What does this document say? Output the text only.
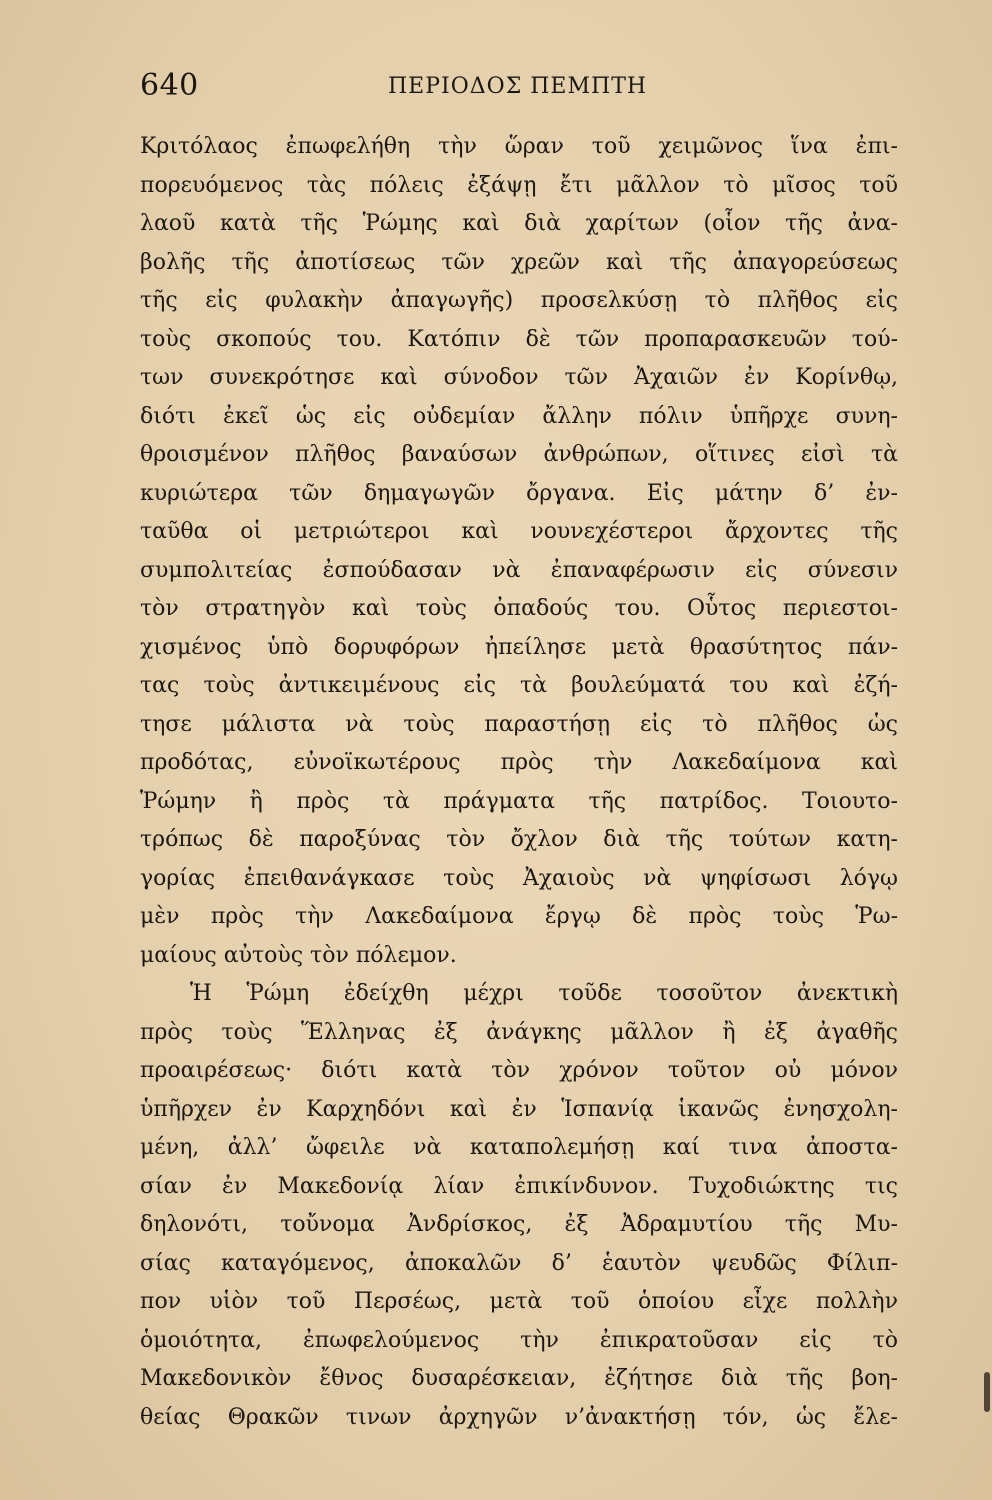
640	ΠΕΡΙΟΔΟΣ ΠΕΜΠΤΗ
Κριτόλαος ἐπωφελήθη τὴν ὥραν τοῦ χειμῶνος ἵνα ἐπι-
πορευόμενος τὰς πόλεις ἐξάψῃ ἔτι μᾶλλον τὸ μῖσος τοῦ
λαοῦ κατὰ τῆς Ῥώμης καὶ διὰ χαρίτων (οἷον τῆς ἀνα-
βολῆς τῆς ἀποτίσεως τῶν χρεῶν καὶ τῆς ἀπαγορεύσεως
τῆς εἰς φυλακὴν ἀπαγωγῆς) προσελκύσῃ τὸ πλῆθος εἰς
τοὺς σκοπούς του. Κατόπιν δὲ τῶν προπαρασκευῶν τού-
των συνεκρότησε καὶ σύνοδον τῶν Ἀχαιῶν ἐν Κορίνθῳ,
διότι ἐκεῖ ὡς εἰς οὐδεμίαν ἄλλην πόλιν ὑπῆρχε συνη-
θροισμένον πλῆθος βαναύσων ἀνθρώπων, οἵτινες εἰσὶ τὰ
κυριώτερα τῶν δημαγωγῶν ὄργανα. Εἰς μάτην δ’ ἐν-
ταῦθα οἱ μετριώτεροι καὶ νουνεχέστεροι ἄρχοντες τῆς
συμπολιτείας ἐσπούδασαν νὰ ἐπαναφέρωσιν εἰς σύνεσιν
τὸν στρατηγὸν καὶ τοὺς ὀπαδούς του. Οὗτος περιεστοι-
χισμένος ὑπὸ δορυφόρων ἠπείλησε μετὰ θρασύτητος πάν-
τας τοὺς ἀντικειμένους εἰς τὰ βουλεύματά του καὶ ἐζή-
τησε μάλιστα νὰ τοὺς παραστήσῃ εἰς τὸ πλῆθος ὡς
προδότας, εὐνοϊκωτέρους πρὸς τὴν Λακεδαίμονα καὶ
Ῥώμην ἢ πρὸς τὰ πράγματα τῆς πατρίδος. Τοιουτο-
τρόπως δὲ παροξύνας τὸν ὄχλον διὰ τῆς τούτων κατη-
γορίας ἐπειθανάγκασε τοὺς Ἀχαιοὺς νὰ ψηφίσωσι λόγῳ
μὲν πρὸς τὴν Λακεδαίμονα ἔργῳ δὲ πρὸς τοὺς Ῥω-
μαίους αὐτοὺς τὸν πόλεμον.
Ἡ Ῥώμη ἐδείχθη μέχρι τοῦδε τοσοῦτον ἀνεκτικὴ
πρὸς τοὺς Ἕλληνας ἐξ ἀνάγκης μᾶλλον ἢ ἐξ ἀγαθῆς
προαιρέσεως· διότι κατὰ τὸν χρόνον τοῦτον οὐ μόνον
ὑπῆρχεν ἐν Καρχηδόνι καὶ ἐν Ἱσπανίᾳ ἱκανῶς ἐνησχολη-
μένη, ἀλλ’ ὤφειλε νὰ καταπολεμήσῃ καί τινα ἀποστα-
σίαν ἐν Μακεδονίᾳ λίαν ἐπικίνδυνον. Τυχοδιώκτης τις
δηλονότι, τοὔνομα Ἀνδρίσκος, ἐξ Ἀδραμυτίου τῆς Μυ-
σίας καταγόμενος, ἀποκαλῶν δ’ ἑαυτὸν ψευδῶς Φίλιπ-
πον υἱὸν τοῦ Περσέως, μετὰ τοῦ ὁποίου εἶχε πολλὴν
ὁμοιότητα, ἐπωφελούμενος τὴν ἐπικρατοῦσαν εἰς τὸ
Μακεδονικὸν ἔθνος δυσαρέσκειαν, ἐζήτησε διὰ τῆς βοη-
θείας Θρακῶν τινων ἀρχηγῶν ν’ἀνακτήσῃ τόν, ὡς ἔλε-
